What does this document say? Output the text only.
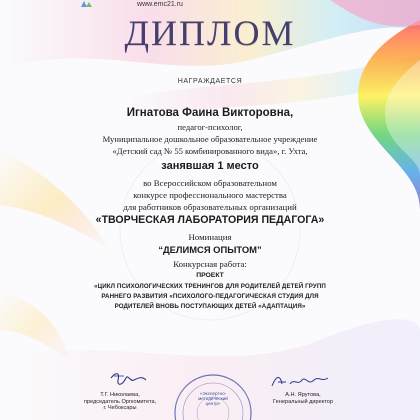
www.emc21.ru
ДИПЛОМ
НАГРАЖДАЕТСЯ
Игнатова Фаина Викторовна,
педагог-психолог,
Муниципальное дошкольное образовательное учреждение
«Детский сад № 55 комбинированного вида», г. Ухта,
занявшая 1 место
во Всероссийском образовательном
конкурсе профессионального мастерства
для работников образовательных организаций
«ТВОРЧЕСКАЯ ЛАБОРАТОРИЯ ПЕДАГОГА»
Номинация
“ДЕЛИМСЯ ОПЫТОМ”
Конкурсная работа:
ПРОЕКТ
«ЦИКЛ ПСИХОЛОГИЧЕСКИХ ТРЕНИНГОВ ДЛЯ РОДИТЕЛЕЙ ДЕТЕЙ ГРУПП
РАННЕГО РАЗВИТИЯ «ПСИХОЛОГО-ПЕДАГОГИЧЕСКАЯ СТУДИЯ ДЛЯ
РОДИТЕЛЕЙ ВНОВЬ ПОСТУПАЮЩИХ ДЕТЕЙ «АДАПТАЦИЯ»
Т.Г. Николаева,
председатель Оргкомитета,
г. Чебоксары
«Экспертно-
методический
центр»
А.Н. Ярутова,
Генеральный директор
